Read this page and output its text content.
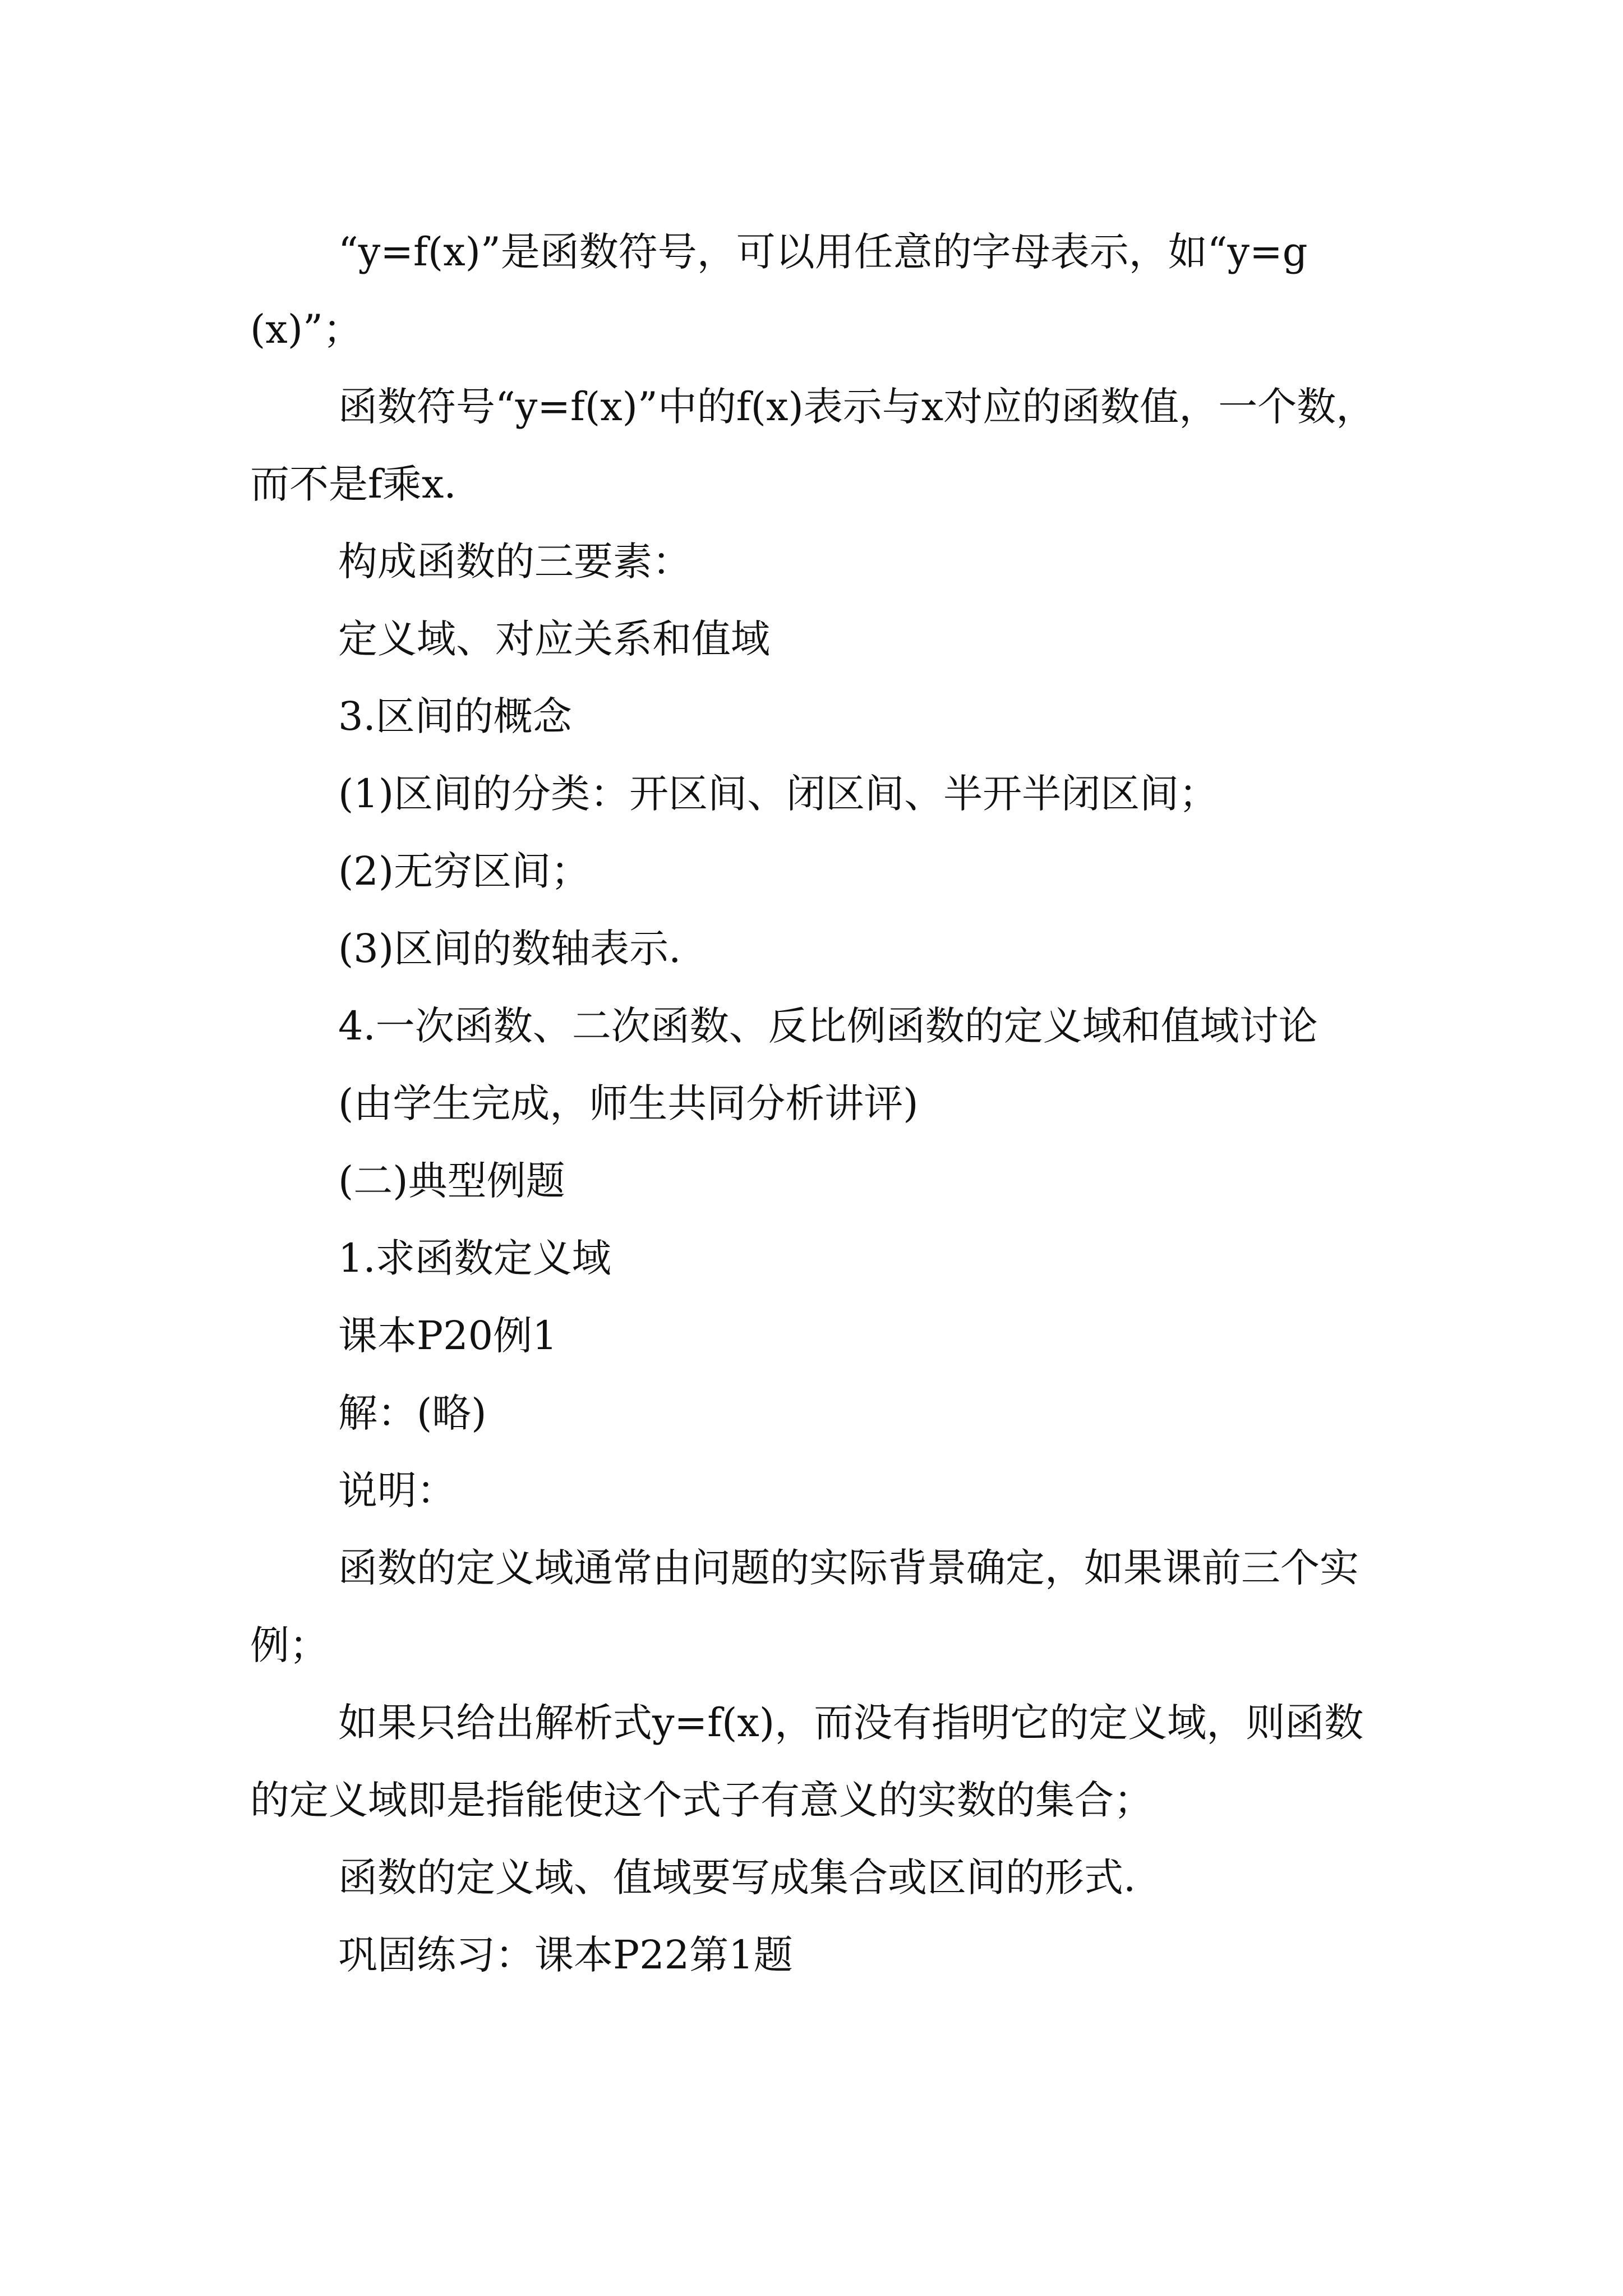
“y=f(x)”是函数符号，可以用任意的字母表示，如“y=g(x)”；

函数符号“y=f(x)”中的f(x)表示与x对应的函数值，一个数，而不是f乘x.

构成函数的三要素：

定义域、对应关系和值域

3.区间的概念

(1)区间的分类：开区间、闭区间、半开半闭区间；

(2)无穷区间；

(3)区间的数轴表示.

4.一次函数、二次函数、反比例函数的定义域和值域讨论

(由学生完成，师生共同分析讲评)

(二)典型例题

1.求函数定义域

课本P20例1

解：(略)

说明：

函数的定义域通常由问题的实际背景确定，如果课前三个实例；

如果只给出解析式y=f(x)，而没有指明它的定义域，则函数的定义域即是指能使这个式子有意义的实数的集合；

函数的定义域、值域要写成集合或区间的形式.

巩固练习：课本P22第1题
